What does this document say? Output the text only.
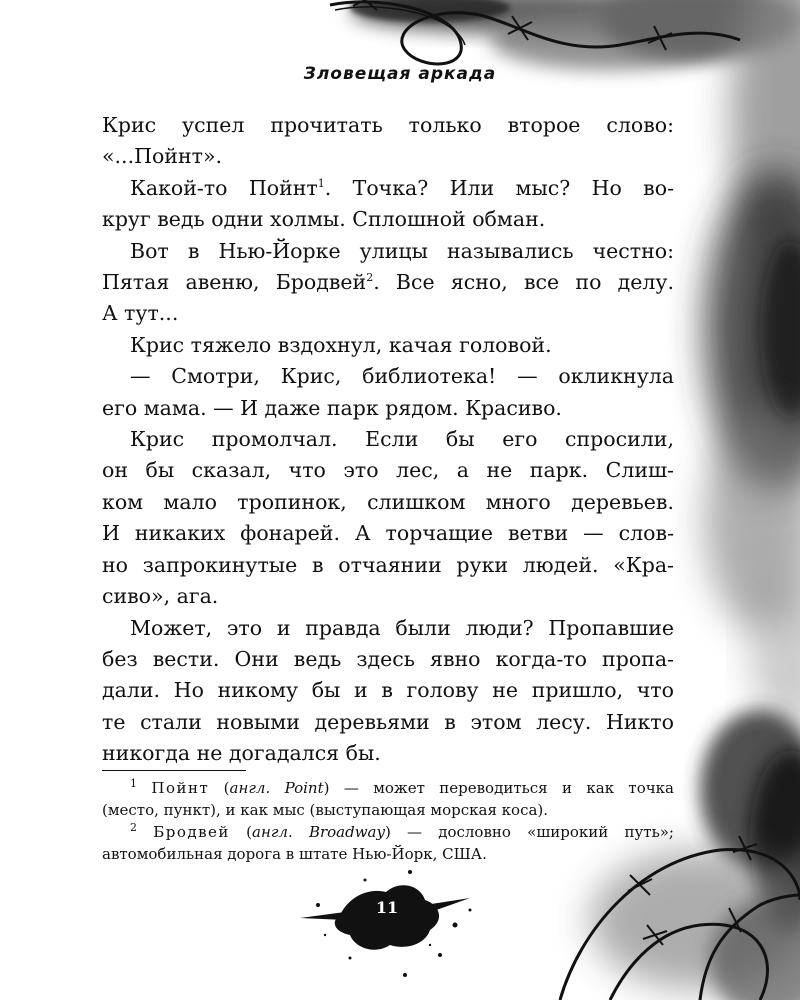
Зловещая аркада
Крис успел прочитать только второе слово:
«...Пойнт».
Какой-то Пойнт$^1$. Точка? Или мыс? Но во-
круг ведь одни холмы. Сплошной обман.
Вот в Нью-Йорке улицы назывались честно:
Пятая авеню, Бродвей$^2$. Все ясно, все по делу.
А тут...
Крис тяжело вздохнул, качая головой.
— Смотри, Крис, библиотека! — окликнула
его мама. — И даже парк рядом. Красиво.
Крис промолчал. Если бы его спросили,
он бы сказал, что это лес, а не парк. Слиш-
ком мало тропинок, слишком много деревьев.
И никаких фонарей. А торчащие ветви — слов-
но запрокинутые в отчаянии руки людей. «Кра-
сиво», ага.
Может, это и правда были люди? Пропавшие
без вести. Они ведь здесь явно когда-то пропа-
дали. Но никому бы и в голову не пришло, что
те стали новыми деревьями в этом лесу. Никто
никогда не догадался бы.
$^1$ Пойнт (англ. Point) — может переводиться и как точка
(место, пункт), и как мыс (выступающая морская коса).
$^2$ Бродвей (англ. Broadway) — дословно «широкий путь»;
автомобильная дорога в штате Нью-Йорк, США.
11
